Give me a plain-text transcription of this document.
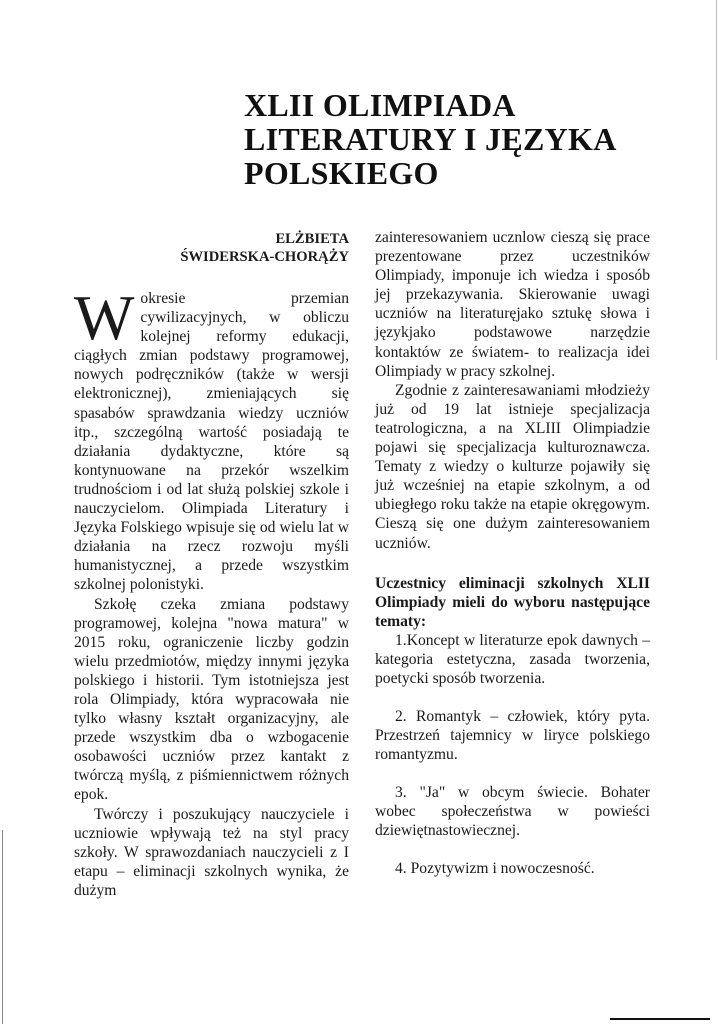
XLII OLIMPIADA
LITERATURY I JĘZYKA
POLSKIEGO
ELŻBIETA
ŚWIDERSKA-CHORĄŻY

Wokresie przemian cywilizacyjnych, w obliczu kolejnej reformy edukacji, ciągłych zmian podstawy programowej, nowych podręczników (także w wersji elektronicznej), zmieniających się spasabów sprawdzania wiedzy uczniów itp., szczególną wartość posiadają te działania dydaktyczne, które są kontynuowane na przekór wszelkim trudnościom i od lat służą polskiej szkole i nauczycielom. Olimpiada Literatury i Języka Folskiego wpisuje się od wielu lat w działania na rzecz rozwoju myśli humanistycznej, a przede wszystkim szkolnej polonistyki.

Szkołę czeka zmiana podstawy programowej, kolejna "nowa matura" w 2015 roku, ograniczenie liczby godzin wielu przedmiotów, między innymi języka polskiego i historii. Tym istotniejsza jest rola Olimpiady, która wypracowała nie tylko własny kształt organizacyjny, ale przede wszystkim dba o wzbogacenie osobawości uczniów przez kantakt z twórczą myślą, z piśmiennictwem różnych epok.

Twórczy i poszukujący nauczyciele i uczniowie wpływają też na styl pracy szkoły. W sprawozdaniach nauczycieli z I etapu – eliminacji szkolnych wynika, że dużym

zainteresowaniem ucznlow cieszą się prace prezentowane przez uczestników Olimpiady, imponuje ich wiedza i sposób jej przekazywania. Skierowanie uwagi uczniów na literaturęjako sztukę słowa i językjako podstawowe narzędzie kontaktów ze światem- to realizacja idei Olimpiady w pracy szkolnej.

Zgodnie z zainteresawaniami młodzieży już od 19 lat istnieje specjalizacja teatrologiczna, a na XLIII Olimpiadzie pojawi się specjalizacja kulturoznawcza. Tematy z wiedzy o kulturze pojawiły się już wcześniej na etapie szkolnym, a od ubiegłego roku także na etapie okręgowym. Cieszą się one dużym zainteresowaniem uczniów.

Uczestnicy eliminacji szkolnych XLII Olimpiady mieli do wyboru następujące tematy:

1.Koncept w literaturze epok dawnych – kategoria estetyczna, zasada tworzenia, poetycki sposób tworzenia.

2. Romantyk – człowiek, który pyta. Przestrzeń tajemnicy w liryce polskiego romantyzmu.

3. "Ja" w obcym świecie. Bohater wobec społeczeństwa w powieści dziewiętnastowiecznej.

4. Pozytywizm i nowoczesność.
